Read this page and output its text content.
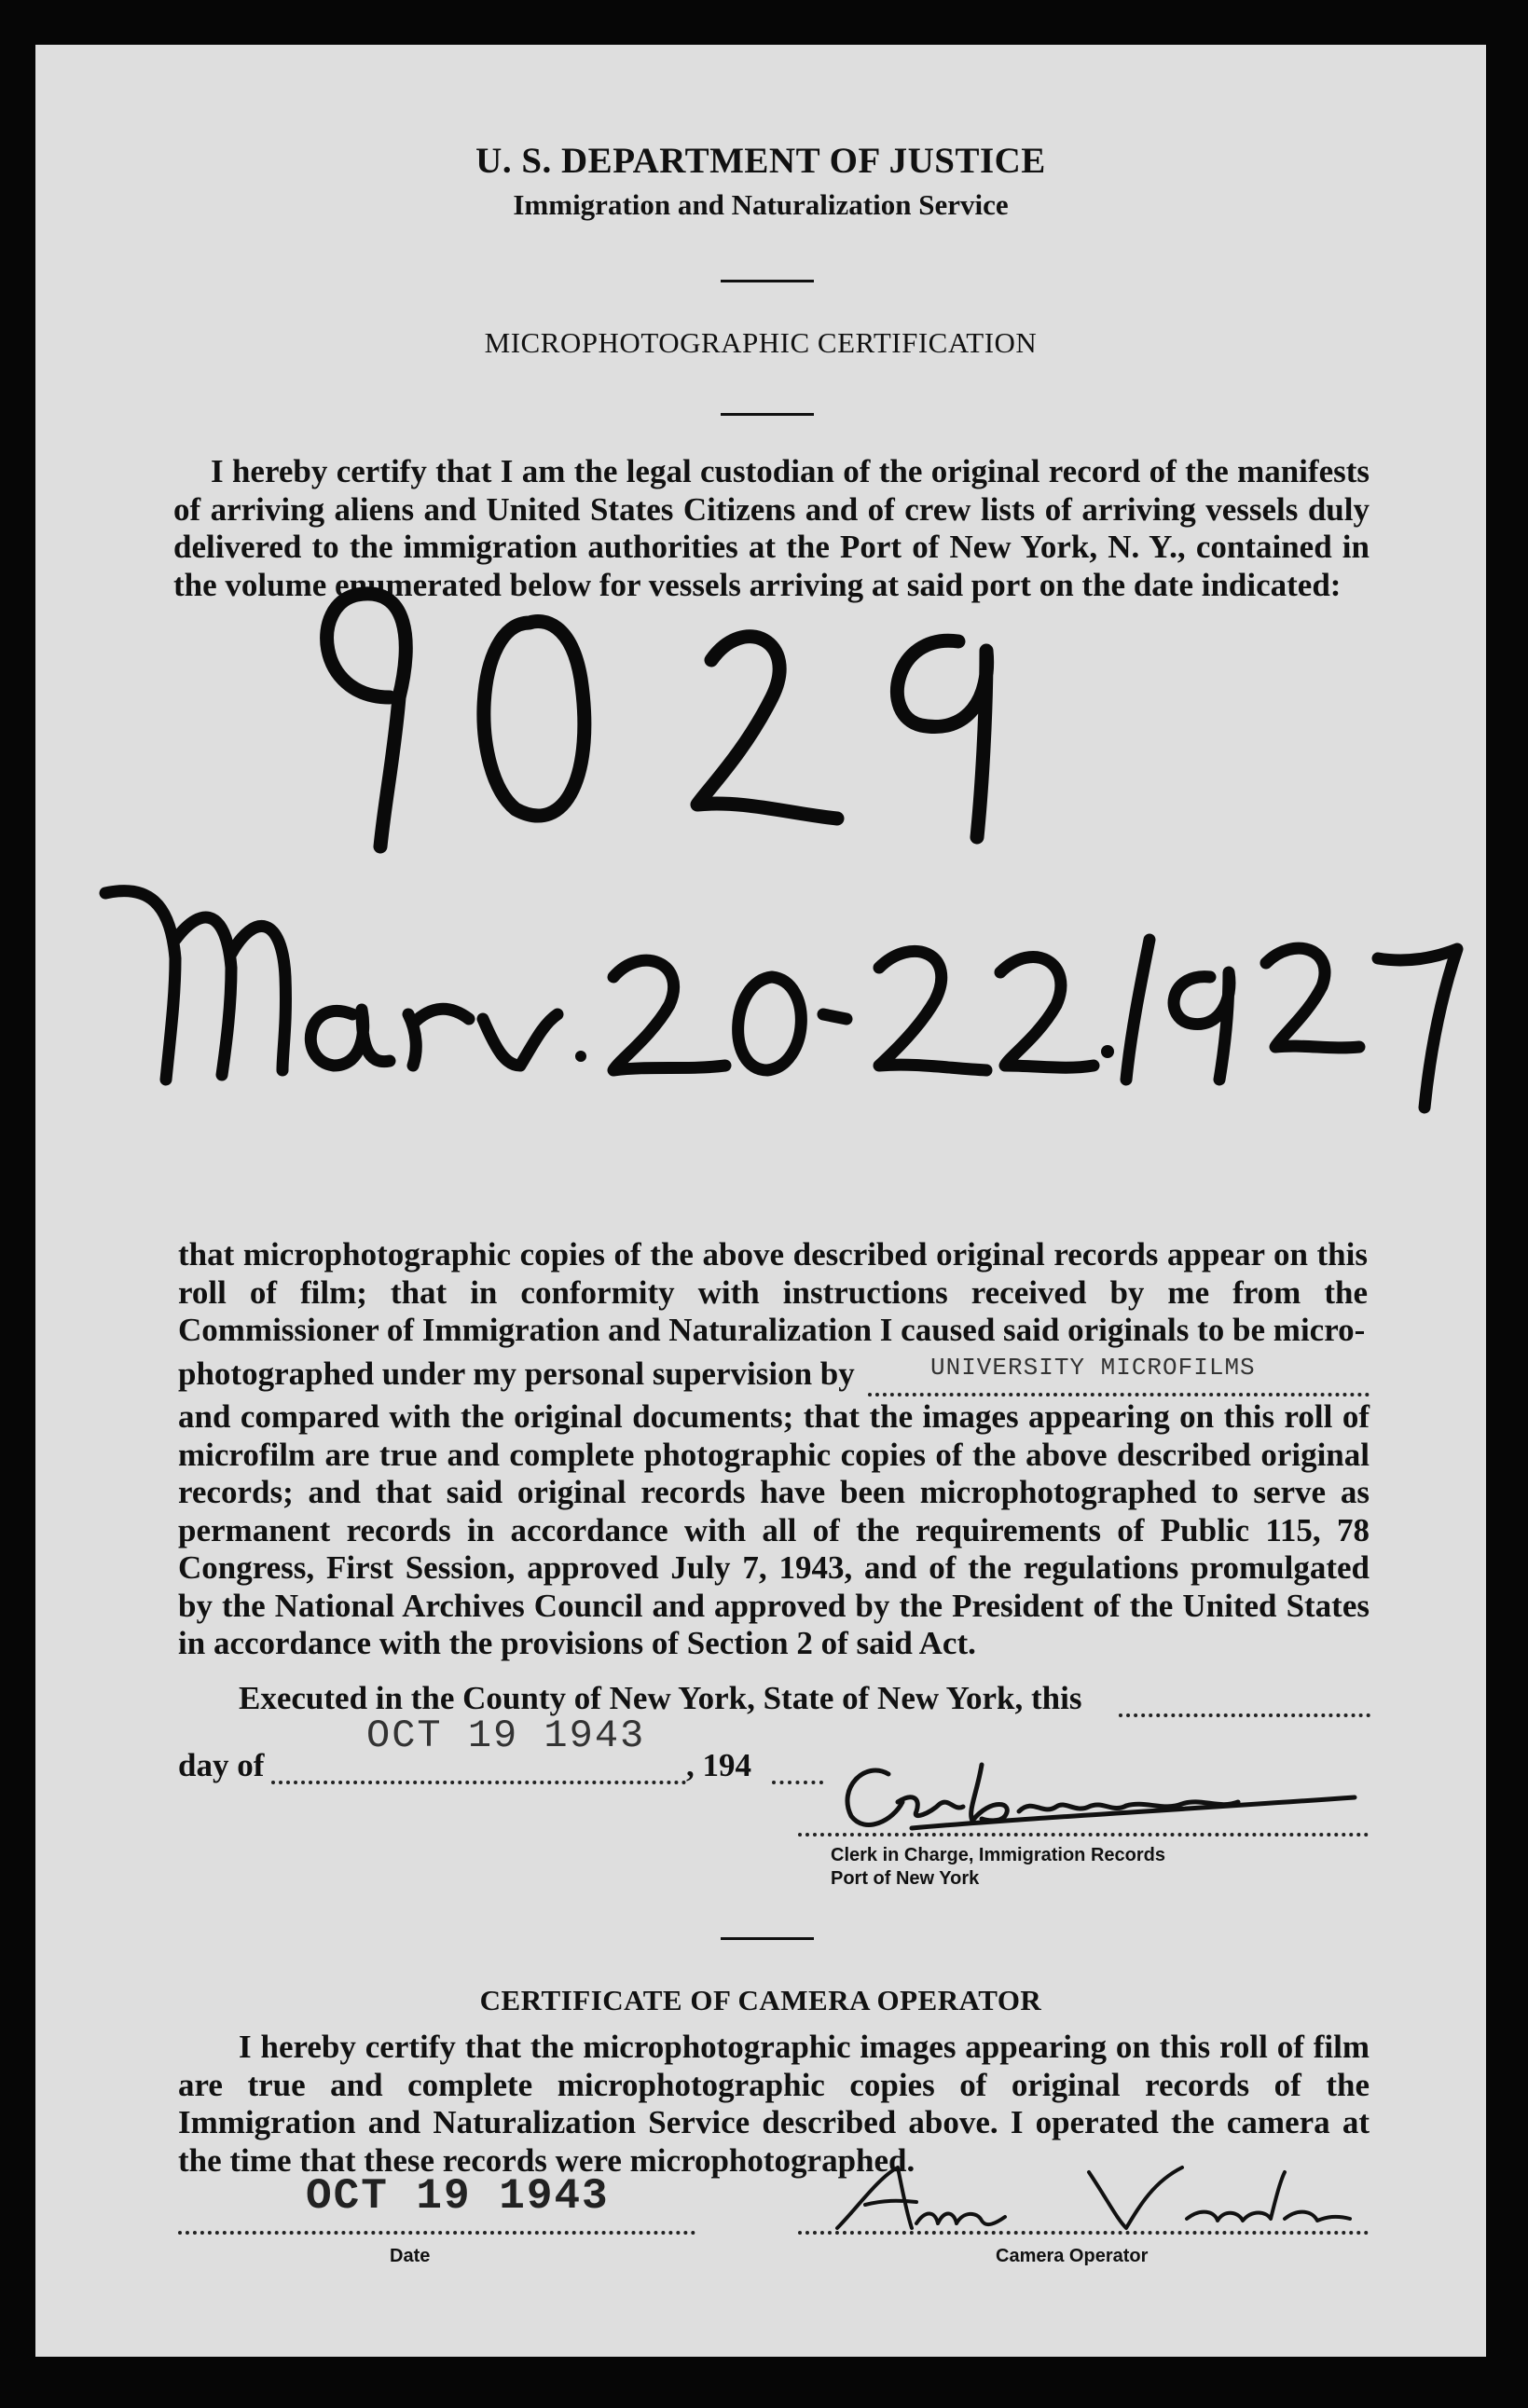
U. S. DEPARTMENT OF JUSTICE
Immigration and Naturalization Service
MICROPHOTOGRAPHIC CERTIFICATION
I hereby certify that I am the legal custodian of the original record of the manifests of arriving aliens and United States Citizens and of crew lists of arriving vessels duly delivered to the immigration authorities at the Port of New York, N. Y., contained in the volume enumerated below for vessels arriving at said port on the date indicated:
that microphotographic copies of the above described original records appear on this roll of film; that in conformity with instructions received by me from the Commissioner of Immigration and Naturalization I caused said originals to be micro-
photographed under my personal supervision by	UNIVERSITY MICROFILMS
and compared with the original documents; that the images appearing on this roll of microfilm are true and complete photographic copies of the above described original records; and that said original records have been microphotographed to serve as permanent records in accordance with all of the requirements of Public 115, 78 Congress, First Session, approved July 7, 1943, and of the regulations promulgated by the National Archives Council and approved by the President of the United States in accordance with the provisions of Section 2 of said Act.
Executed in the County of New York, State of New York, this
OCT 19 1943
day of	, 194
Clerk in Charge, Immigration Records
Port of New York
CERTIFICATE OF CAMERA OPERATOR
I hereby certify that the microphotographic images appearing on this roll of film are true and complete microphotographic copies of original records of the Immigration and Naturalization Service described above. I operated the camera at the time that these records were microphotographed.
OCT 19 1943
Date	Camera Operator
